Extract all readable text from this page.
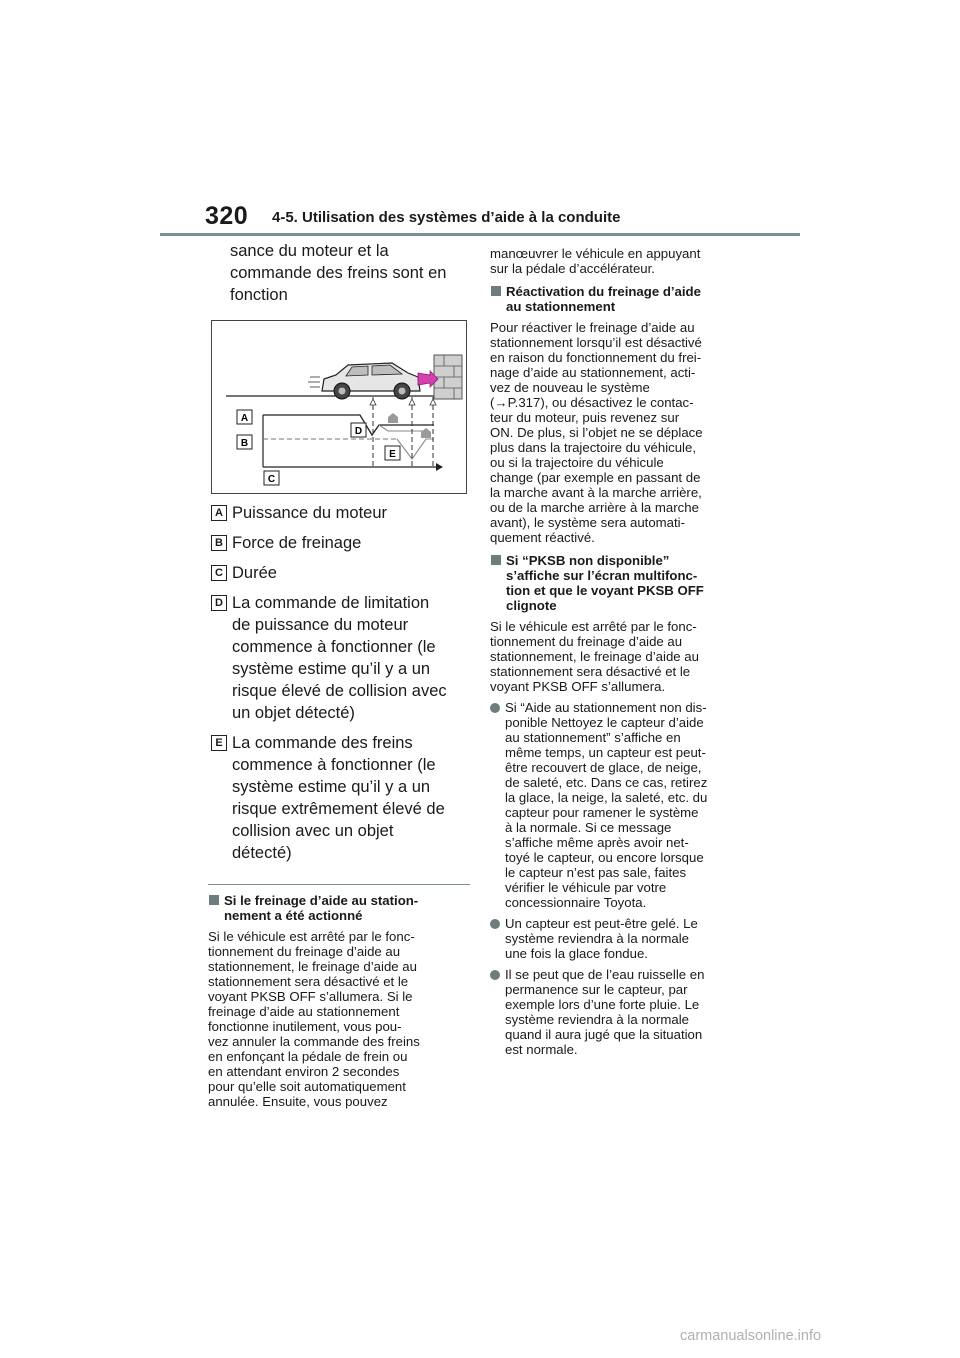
320 4-5. Utilisation des systèmes d’aide à la conduite
sance du moteur et la
commande des freins sont en
fonction
A
B
C
D
E
A Puissance du moteur
B Force de freinage
C Durée
D La commande de limitation
de puissance du moteur
commence à fonctionner (le
système estime qu’il y a un
risque élevé de collision avec
un objet détecté)
E La commande des freins
commence à fonctionner (le
système estime qu’il y a un
risque extrêmement élevé de
collision avec un objet
détecté)
Si le freinage d’aide au station-
nement a été actionné
Si le véhicule est arrêté par le fonc-
tionnement du freinage d’aide au
stationnement, le freinage d’aide au
stationnement sera désactivé et le
voyant PKSB OFF s’allumera. Si le
freinage d’aide au stationnement
fonctionne inutilement, vous pou-
vez annuler la commande des freins
en enfonçant la pédale de frein ou
en attendant environ 2 secondes
pour qu’elle soit automatiquement
annulée. Ensuite, vous pouvez
manœuvrer le véhicule en appuyant
sur la pédale d’accélérateur.
Réactivation du freinage d’aide
au stationnement
Pour réactiver le freinage d’aide au
stationnement lorsqu’il est désactivé
en raison du fonctionnement du frei-
nage d’aide au stationnement, acti-
vez de nouveau le système
(→P.317), ou désactivez le contac-
teur du moteur, puis revenez sur
ON. De plus, si l’objet ne se déplace
plus dans la trajectoire du véhicule,
ou si la trajectoire du véhicule
change (par exemple en passant de
la marche avant à la marche arrière,
ou de la marche arrière à la marche
avant), le système sera automati-
quement réactivé.
Si “PKSB non disponible”
s’affiche sur l’écran multifonc-
tion et que le voyant PKSB OFF
clignote
Si le véhicule est arrêté par le fonc-
tionnement du freinage d’aide au
stationnement, le freinage d’aide au
stationnement sera désactivé et le
voyant PKSB OFF s’allumera.
Si “Aide au stationnement non dis-
ponible Nettoyez le capteur d’aide
au stationnement” s’affiche en
même temps, un capteur est peut-
être recouvert de glace, de neige,
de saleté, etc. Dans ce cas, retirez
la glace, la neige, la saleté, etc. du
capteur pour ramener le système
à la normale. Si ce message
s’affiche même après avoir net-
toyé le capteur, ou encore lorsque
le capteur n’est pas sale, faites
vérifier le véhicule par votre
concessionnaire Toyota.
Un capteur est peut-être gelé. Le
système reviendra à la normale
une fois la glace fondue.
Il se peut que de l’eau ruisselle en
permanence sur le capteur, par
exemple lors d’une forte pluie. Le
système reviendra à la normale
quand il aura jugé que la situation
est normale.
carmanualsonline.info
